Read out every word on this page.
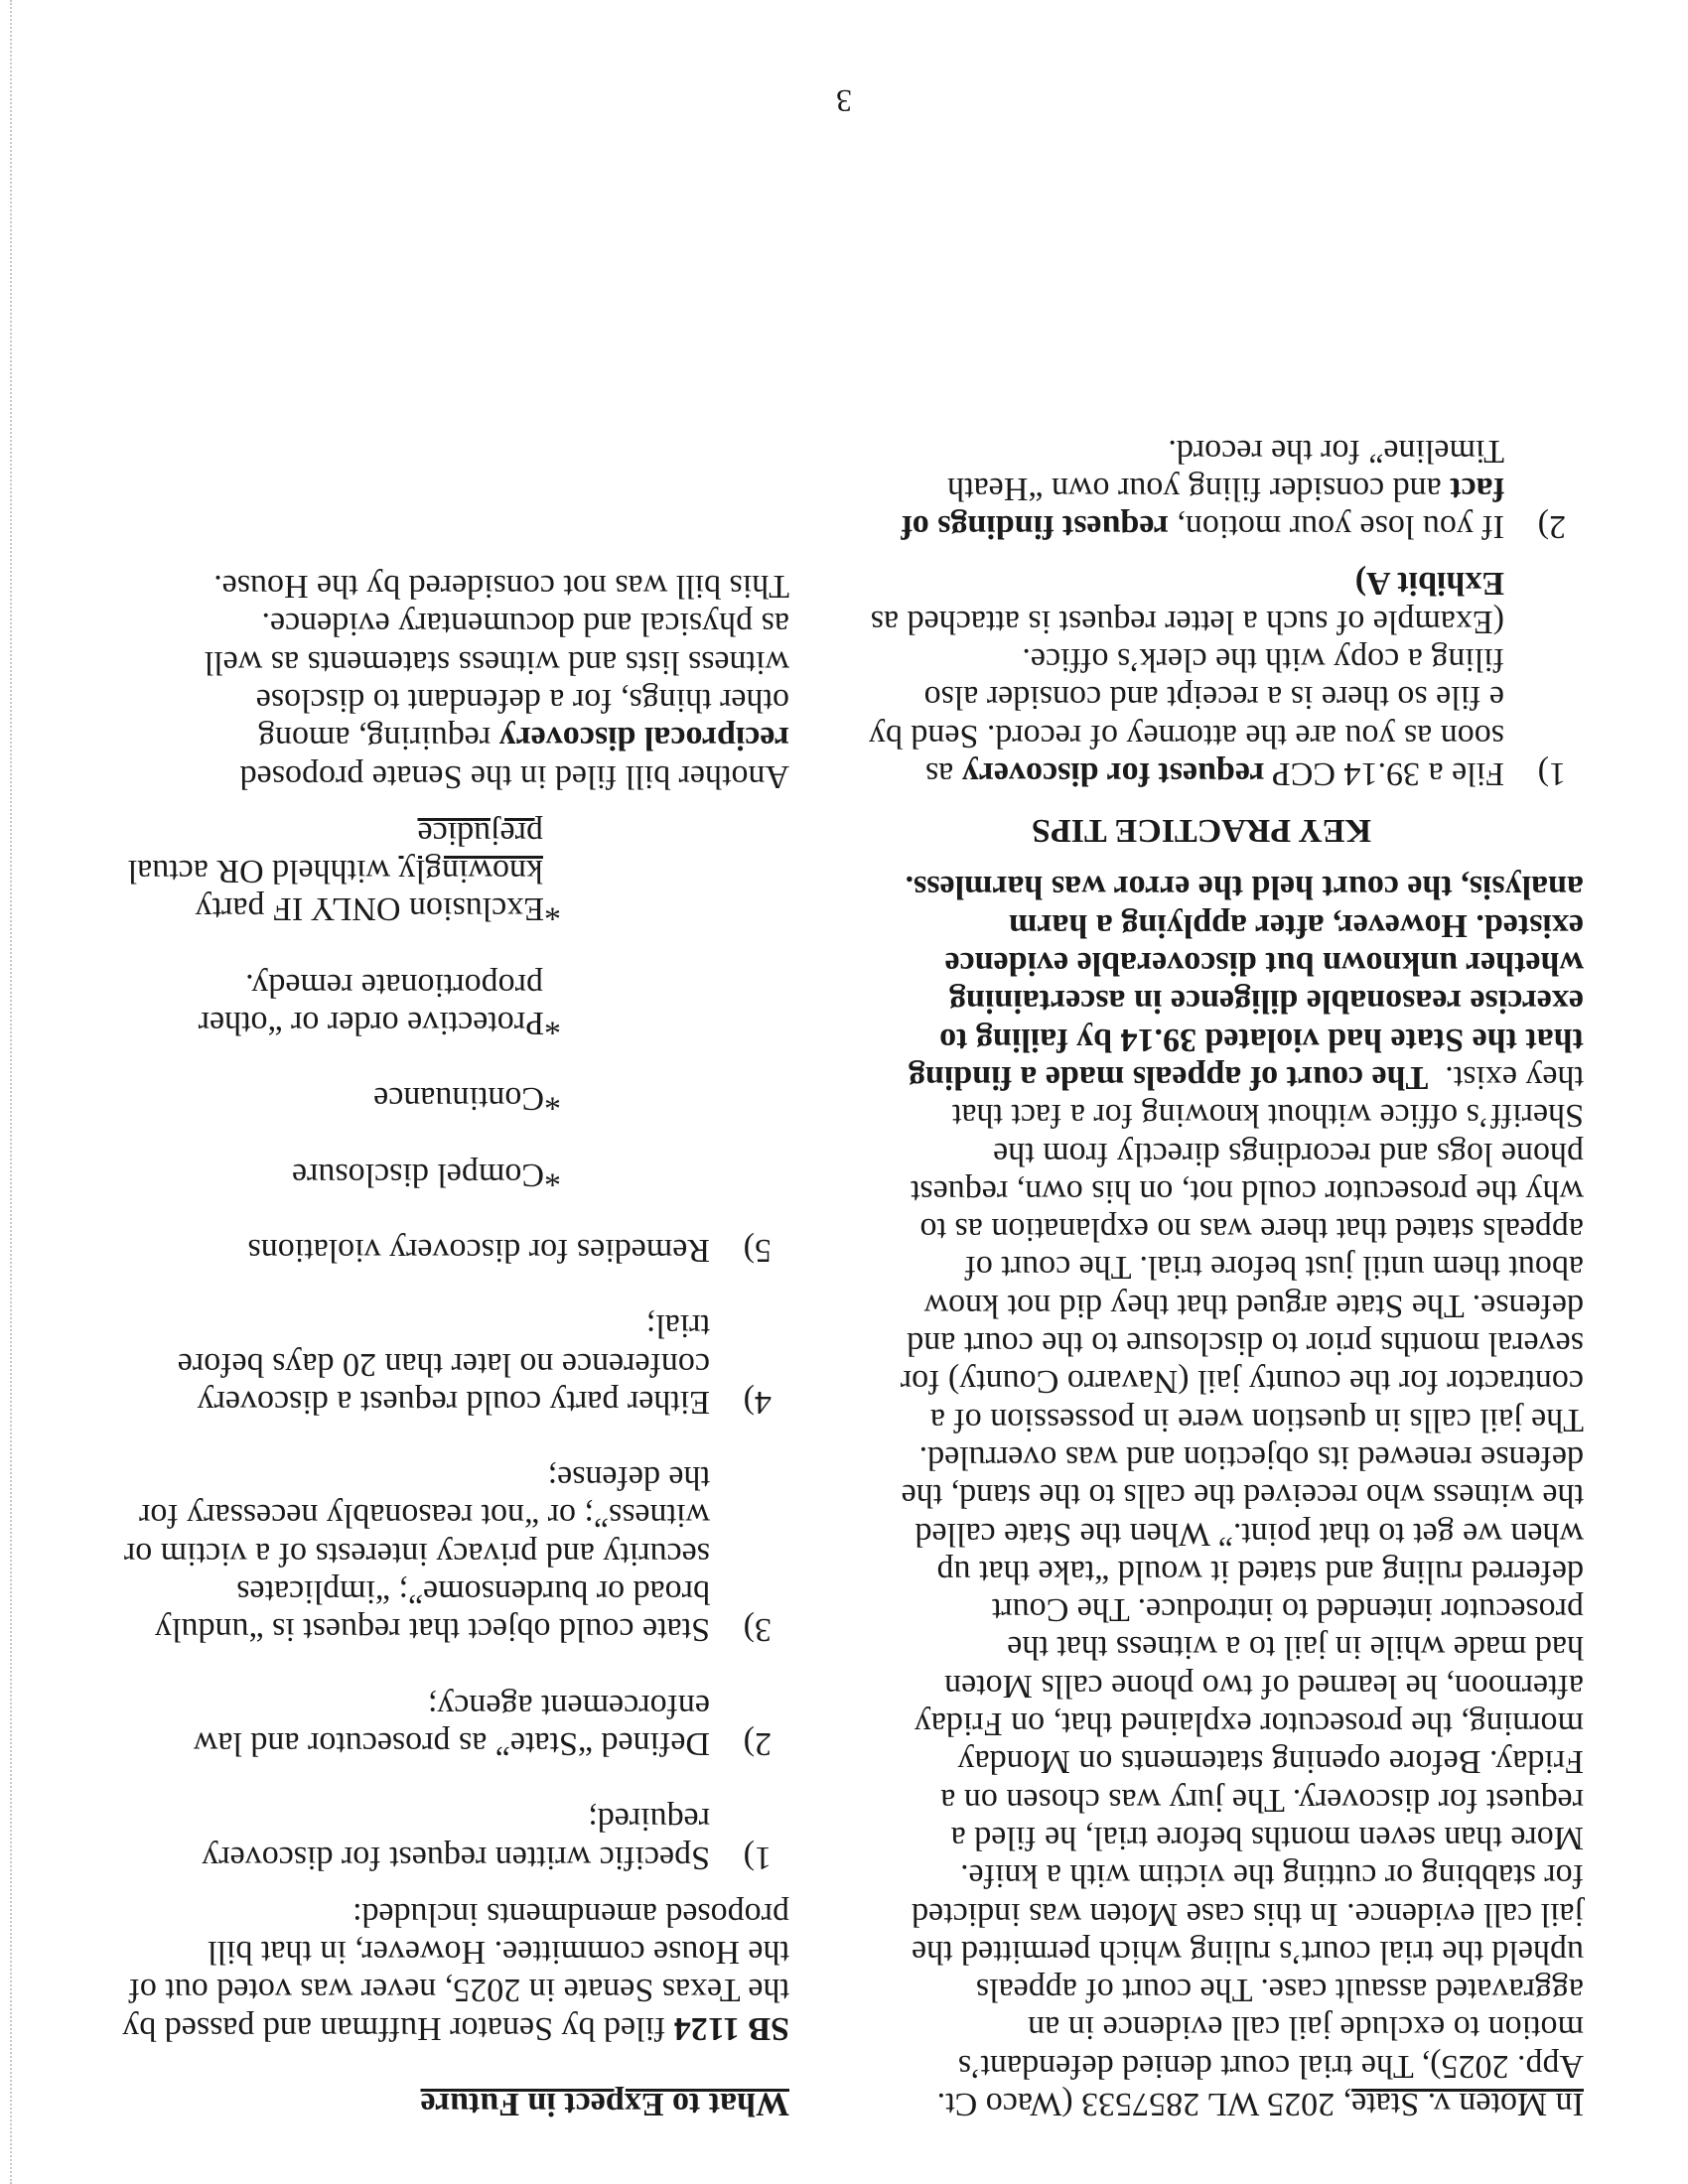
In Moten v. State, 2025 WL 2857533 (Waco Ct.
App. 2025), The trial court denied defendant’s
motion to exclude jail call evidence in an
aggravated assault case. The court of appeals
upheld the trial court’s ruling which permitted the
jail call evidence. In this case Moten was indicted
for stabbing or cutting the victim with a knife.
More than seven months before trial, he filed a
request for discovery. The jury was chosen on a
Friday. Before opening statements on Monday
morning, the prosecutor explained that, on Friday
afternoon, he learned of two phone calls Moten
had made while in jail to a witness that the
prosecutor intended to introduce. The Court
deferred ruling and stated it would “take that up
when we get to that point.” When the State called
the witness who received the calls to the stand, the
defense renewed its objection and was overruled.
The jail calls in question were in possession of a
contractor for the county jail (Navarro County) for
several months prior to disclosure to the court and
defense. The State argued that they did not know
about them until just before trial. The court of
appeals stated that there was no explanation as to
why the prosecutor could not, on his own, request
phone logs and recordings directly from the
Sheriff’s office without knowing for a fact that
they exist.  The court of appeals made a finding
that the State had violated 39.14 by failing to
exercise reasonable diligence in ascertaining
whether unknown but discoverable evidence
existed. However, after applying a harm
analysis, the court held the error was harmless.

KEY PRACTICE TIPS

1)
File a 39.14 CCP request for discovery as
soon as you are the attorney of record. Send by
e file so there is a receipt and consider also
filing a copy with the clerk’s office.
(Example of such a letter request is attached as
Exhibit A)
2)
If you lose your motion, request findings of
fact and consider filing your own “Heath
Timeline” for the record.

What to Expect in Future

SB 1124 filed by Senator Huffman and passed by
the Texas Senate in 2025, never was voted out of
the House committee. However, in that bill
proposed amendments included:

1)
Specific written request for discovery
required;
2)
Defined “State” as prosecutor and law
enforcement agency;
3)
State could object that request is “unduly
broad or burdensome”; “implicates
security and privacy interests of a victim or
witness”; or “not reasonably necessary for
the defense;
4)
Either party could request a discovery
conference no later than 20 days before
trial;
5)
Remedies for discovery violations

*Compel disclosure

*Continuance

*Protective order or “other

proportionate remedy.

*Exclusion ONLY IF party

knowingly withheld OR actual

prejudice

Another bill filed in the Senate proposed
reciprocal discovery requiring, among
other things, for a defendant to disclose
witness lists and witness statements as well
as physical and documentary evidence.
This bill was not considered by the House.

3
